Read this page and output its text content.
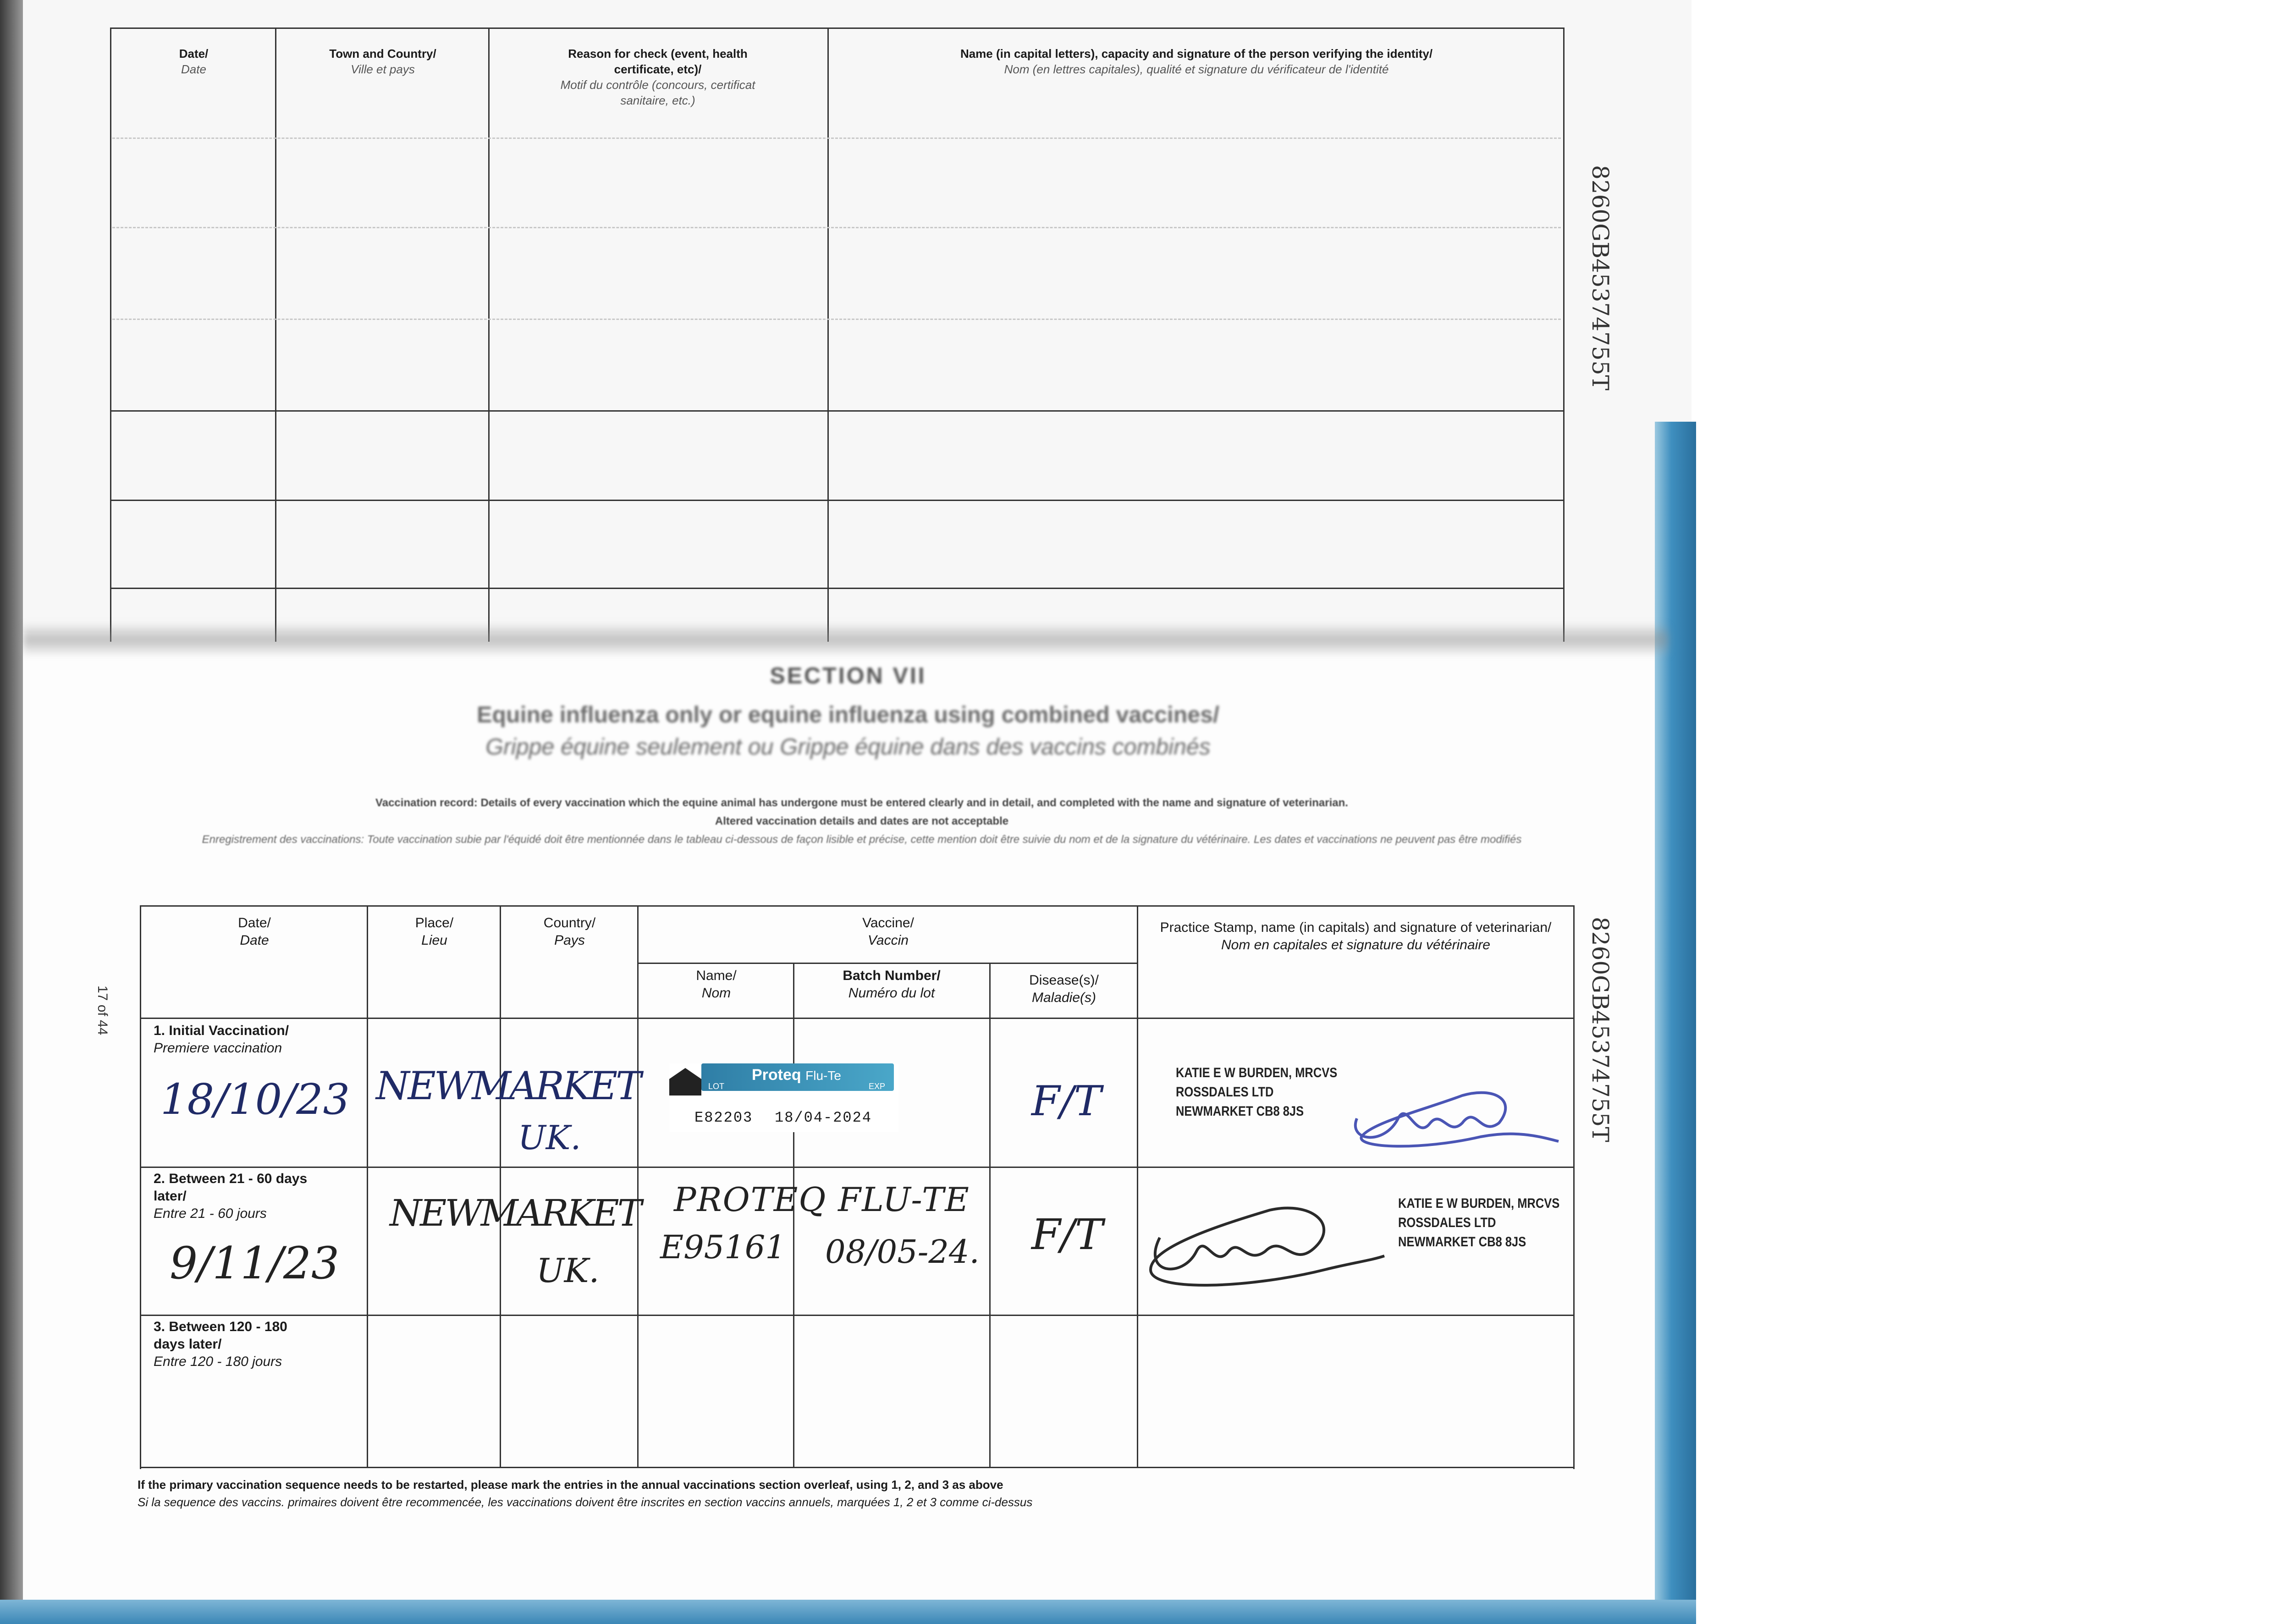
Date/
Date
Town and Country/
Ville et pays
Reason for check (event, health certificate, etc)/
Motif du contrôle (concours, certificat sanitaire, etc.)
Name (in capital letters), capacity and signature of the person verifying the identity/
Nom (en lettres capitales), qualité et signature du vérificateur de l'identité
8260GB45374755T
8260GB45374755T
17 of 44
SECTION VII
Equine influenza only or equine influenza using combined vaccines/
Grippe équine seulement ou Grippe équine dans des vaccins combinés
Vaccination record: Details of every vaccination which the equine animal has undergone must be entered clearly and in detail, and completed with the name and signature of veterinarian.
Altered vaccination details and dates are not acceptable
Enregistrement des vaccinations: Toute vaccination subie par l'équidé doit être mentionnée dans le tableau ci-dessous de façon lisible et précise, cette mention doit être suivie du nom et de la signature du vétérinaire. Les dates et vaccinations ne peuvent pas être modifiés
Date/
Date
Place/
Lieu
Country/
Pays
Vaccine/
Vaccin
Name/
Nom
Batch Number/
Numéro du lot
Disease(s)/
Maladie(s)
Practice Stamp, name (in capitals) and signature of veterinarian/
Nom en capitales et signature du vétérinaire
1. Initial Vaccination/
Premiere vaccination
2. Between 21 - 60 days later/
Entre 21 - 60 jours
3. Between 120 - 180 days later/
Entre 120 - 180 jours
18/10/23 NEWMARKET
UK.
Proteq Flu-Te
LOT	EXP
E82203 18/04-2024	F/T
KATIE E W BURDEN, MRCVS
ROSSDALES LTD
NEWMARKET CB8 8JS
9/11/23
NEWMARKET
UK.
PROTEQ FLU-TE
E95161 08/05-24. F/T
KATIE E W BURDEN, MRCVS
ROSSDALES LTD
NEWMARKET CB8 8JS
If the primary vaccination sequence needs to be restarted, please mark the entries in the annual vaccinations section overleaf, using 1, 2, and 3 as above
Si la sequence des vaccins. primaires doivent être recommencée, les vaccinations doivent être inscrites en section vaccins annuels, marquées 1, 2 et 3 comme ci-dessus
